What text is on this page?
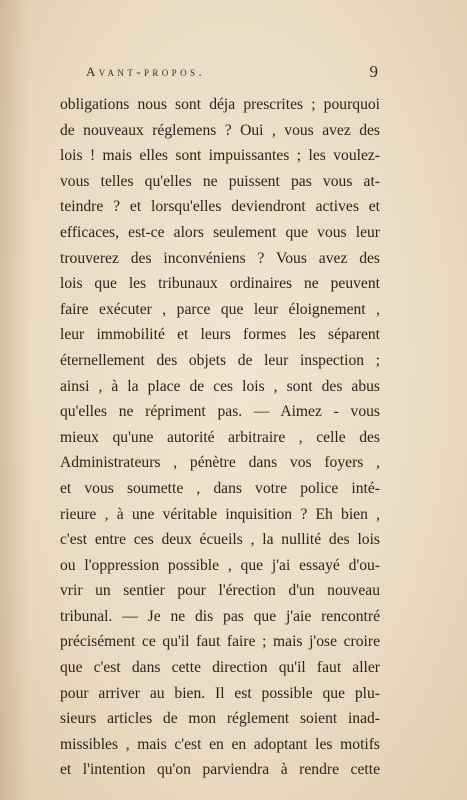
Avant-propos.	9
obligations nous sont déja prescrites ; pourquoi
de nouveaux réglemens ? Oui , vous avez des
lois ! mais elles sont impuissantes ; les voulez-
vous telles qu'elles ne puissent pas vous at-
teindre ? et lorsqu'elles deviendront actives et
efficaces, est-ce alors seulement que vous leur
trouverez des inconvéniens ? Vous avez des
lois que les tribunaux ordinaires ne peuvent
faire exécuter , parce que leur éloignement ,
leur immobilité et leurs formes les séparent
éternellement des objets de leur inspection ;
ainsi , à la place de ces lois , sont des abus
qu'elles ne répriment pas. — Aimez - vous
mieux qu'une autorité arbitraire , celle des
Administrateurs , pénètre dans vos foyers ,
et vous soumette , dans votre police inté-
rieure , à une véritable inquisition ? Eh bien ,
c'est entre ces deux écueils , la nullité des lois
ou l'oppression possible , que j'ai essayé d'ou-
vrir un sentier pour l'érection d'un nouveau
tribunal. — Je ne dis pas que j'aie rencontré
précisément ce qu'il faut faire ; mais j'ose croire
que c'est dans cette direction qu'il faut aller
pour arriver au bien. Il est possible que plu-
sieurs articles de mon réglement soient inad-
missibles , mais c'est en en adoptant les motifs
et l'intention qu'on parviendra à rendre cette
